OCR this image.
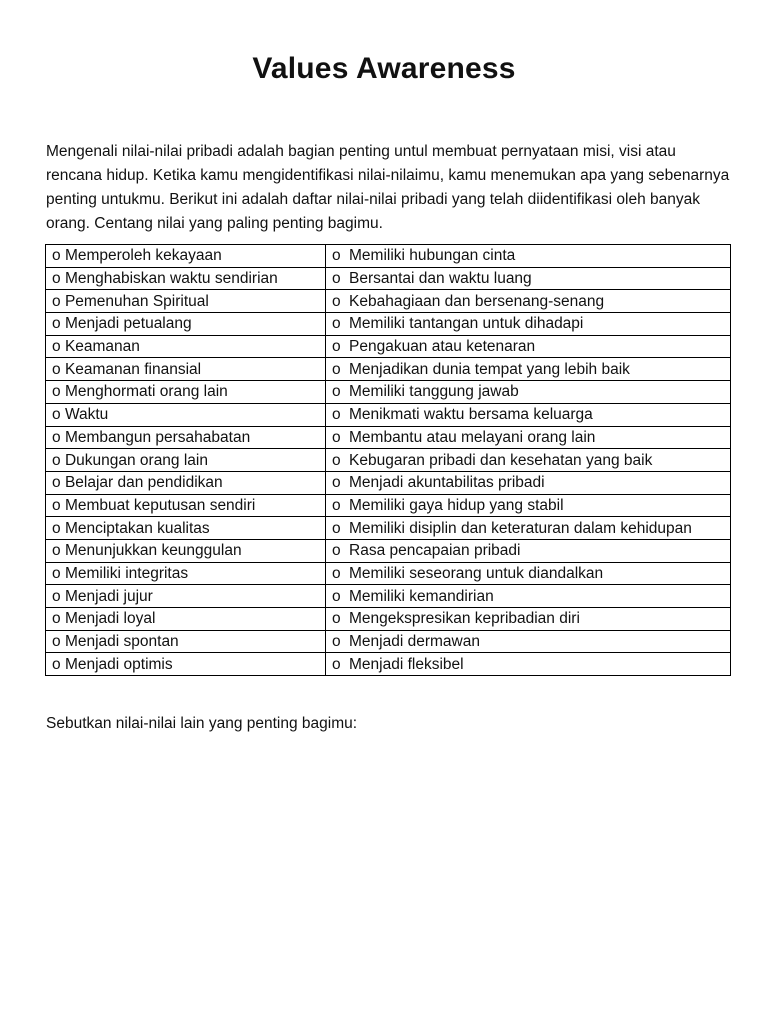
Values Awareness
Mengenali nilai-nilai pribadi adalah bagian penting untul membuat pernyataan misi, visi atau rencana hidup. Ketika kamu mengidentifikasi nilai-nilaimu, kamu menemukan apa yang sebenarnya penting untukmu. Berikut ini adalah daftar nilai-nilai pribadi yang telah diidentifikasi oleh banyak orang. Centang nilai yang paling penting bagimu.
o Memperoleh kekayaan	o Memiliki hubungan cinta
o Menghabiskan waktu sendirian	o Bersantai dan waktu luang
o Pemenuhan Spiritual	o Kebahagiaan dan bersenang-senang
o Menjadi petualang	o Memiliki tantangan untuk dihadapi
o Keamanan	o Pengakuan atau ketenaran
o Keamanan finansial	o Menjadikan dunia tempat yang lebih baik
o Menghormati orang lain	o Memiliki tanggung jawab
o Waktu	o Menikmati waktu bersama keluarga
o Membangun persahabatan	o Membantu atau melayani orang lain
o Dukungan orang lain	o Kebugaran pribadi dan kesehatan yang baik
o Belajar dan pendidikan	o Menjadi akuntabilitas pribadi
o Membuat keputusan sendiri	o Memiliki gaya hidup yang stabil
o Menciptakan kualitas	o Memiliki disiplin dan keteraturan dalam kehidupan
o Menunjukkan keunggulan	o Rasa pencapaian pribadi
o Memiliki integritas	o Memiliki seseorang untuk diandalkan
o Menjadi jujur	o Memiliki kemandirian
o Menjadi loyal	o Mengekspresikan kepribadian diri
o Menjadi spontan	o Menjadi dermawan
o Menjadi optimis	o Menjadi fleksibel
Sebutkan nilai-nilai lain yang penting bagimu:
